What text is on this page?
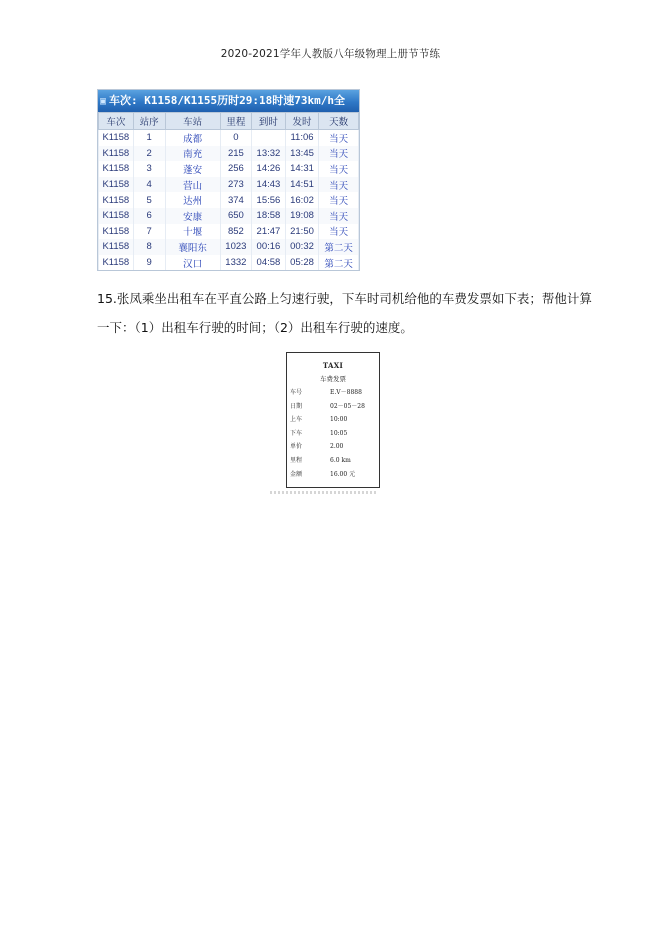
2020-2021学年人教版八年级物理上册节节练
▣ 车次: K1158/K1155历时29:18时速73km/h全
车次	站序	车站	里程	到时	发时	天数
K1158	1	成都	0		11:06	当天
K1158	2	南充	215	13:32	13:45	当天
K1158	3	蓬安	256	14:26	14:31	当天
K1158	4	营山	273	14:43	14:51	当天
K1158	5	达州	374	15:56	16:02	当天
K1158	6	安康	650	18:58	19:08	当天
K1158	7	十堰	852	21:47	21:50	当天
K1158	8	襄阳东	1023	00:16	00:32	第二天
K1158	9	汉口	1332	04:58	05:28	第二天
15.张凤乘坐出租车在平直公路上匀速行驶，下车时司机给他的车费发票如下表；帮他计算
一下：（1）出租车行驶的时间；（2）出租车行驶的速度。
TAXI
车费发票
车号	E.V－8888
日期	02－05－28
上车	10:00
下车	10:05
单价	2.00
里程	6.0 km
金额	16.00 元
